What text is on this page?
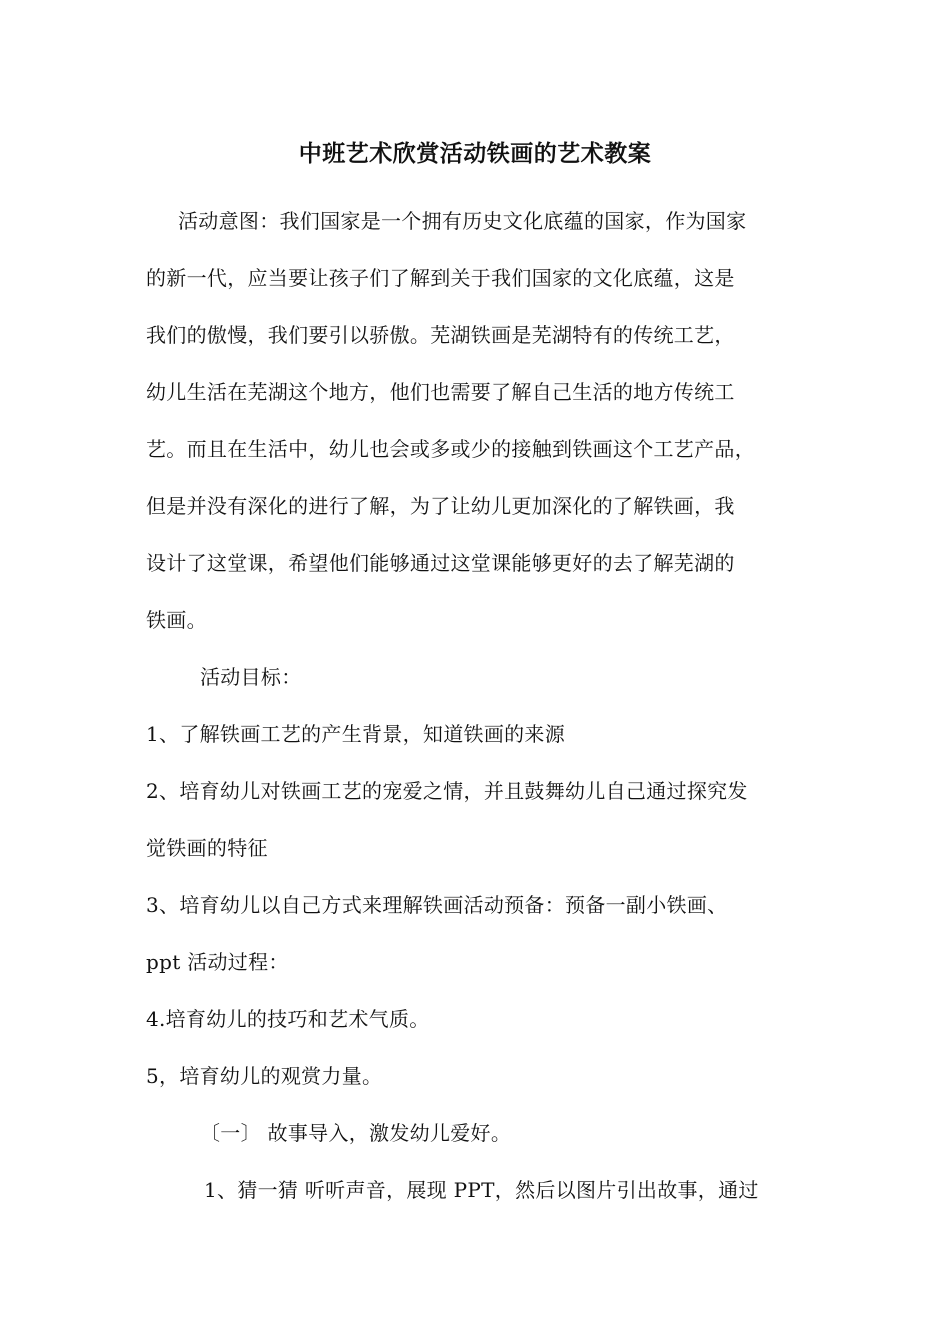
中班艺术欣赏活动铁画的艺术教案
活动意图：我们国家是一个拥有历史文化底蕴的国家，作为国家
的新一代，应当要让孩子们了解到关于我们国家的文化底蕴，这是
我们的傲慢，我们要引以骄傲。芜湖铁画是芜湖特有的传统工艺，
幼儿生活在芜湖这个地方，他们也需要了解自己生活的地方传统工
艺。而且在生活中，幼儿也会或多或少的接触到铁画这个工艺产品，
但是并没有深化的进行了解，为了让幼儿更加深化的了解铁画，我
设计了这堂课，希望他们能够通过这堂课能够更好的去了解芜湖的
铁画。
活动目标：
1、了解铁画工艺的产生背景，知道铁画的来源
2、培育幼儿对铁画工艺的宠爱之情，并且鼓舞幼儿自己通过探究发
觉铁画的特征
3、培育幼儿以自己方式来理解铁画活动预备：预备一副小铁画、
ppt 活动过程：
4.培育幼儿的技巧和艺术气质。
5，培育幼儿的观赏力量。
〔一〕 故事导入，激发幼儿爱好。
1、猜一猜 听听声音，展现 PPT，然后以图片引出故事，通过
